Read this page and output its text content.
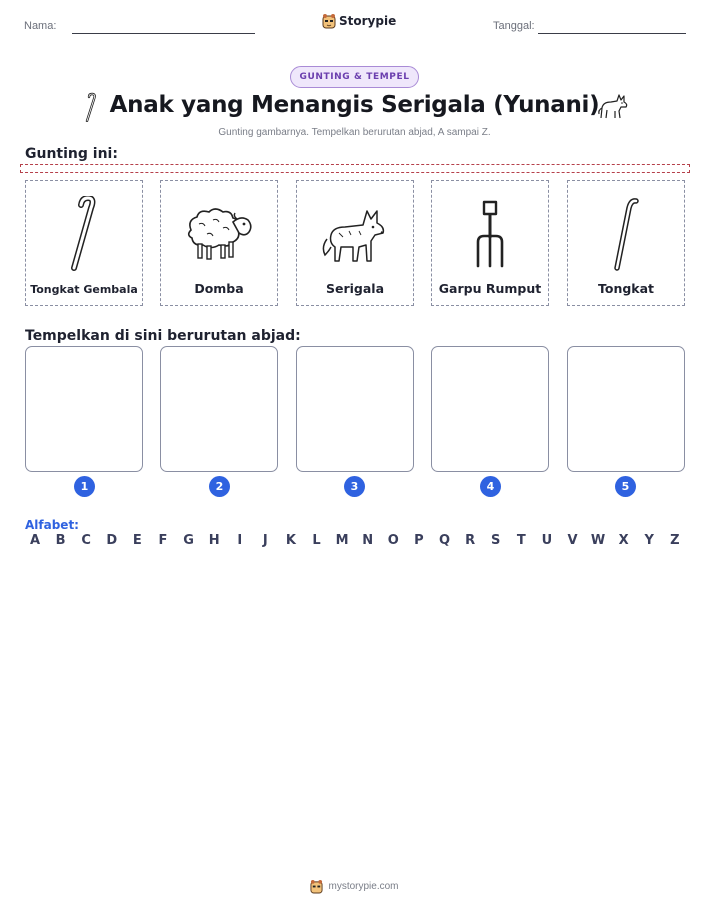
Nama:	Storypie	Tanggal:
GUNTING & TEMPEL
Anak yang Menangis Serigala (Yunani)
Gunting gambarnya. Tempelkan berurutan abjad, A sampai Z.
Gunting ini:
Tongkat Gembala	Domba	Serigala	Garpu Rumput	Tongkat
Tempelkan di sini berurutan abjad:
1	2	3	4	5
Alfabet:
A	B	C	D	E	F	G	H	I	J	K	L	M	N	O	P	Q	R	S	T	U	V	W	X	Y	Z
mystorypie.com
